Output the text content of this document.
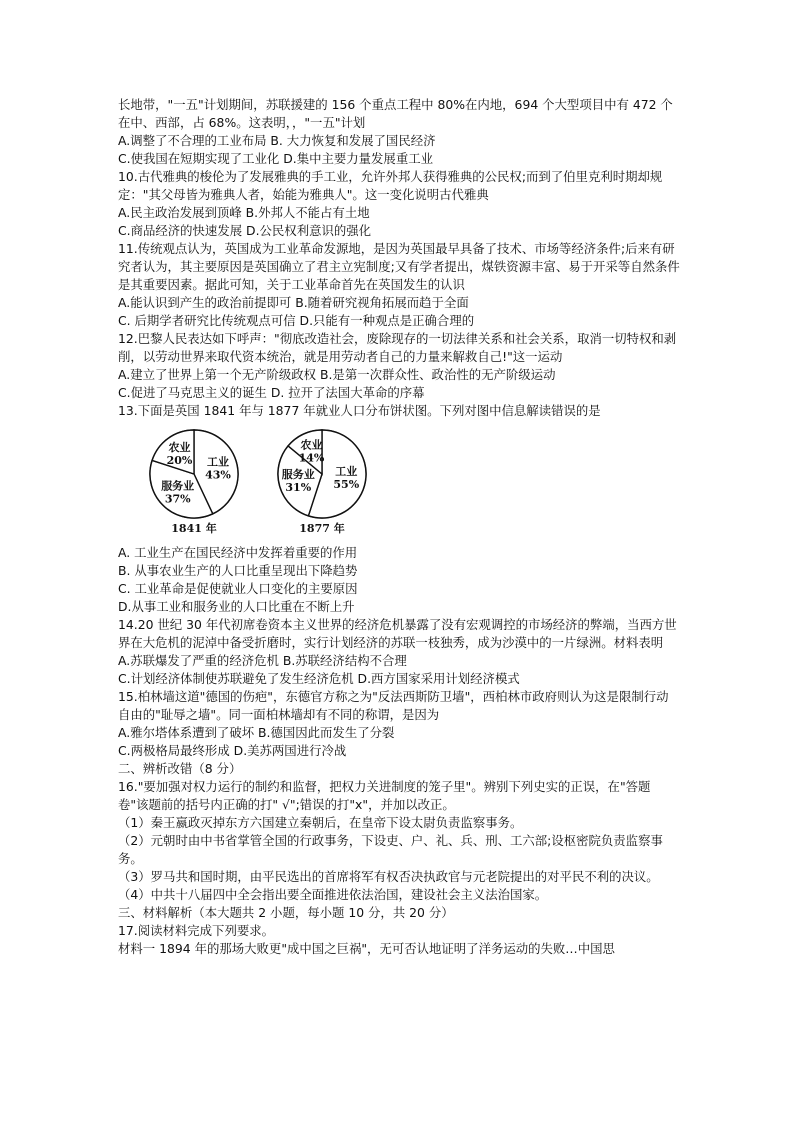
长地带，"一五"计划期间，苏联援建的 156 个重点工程中 80%在内地，694 个大型项目中有 472 个在中、西部，占 68%。这表明，，"一五"计划

A.调整了不合理的工业布局 B. 大力恢复和发展了国民经济

C.使我国在短期实现了工业化 D.集中主要力量发展重工业

10.古代雅典的梭伦为了发展雅典的手工业，允许外邦人获得雅典的公民权;而到了伯里克利时期却规定："其父母皆为雅典人者，始能为雅典人"。这一变化说明古代雅典

A.民主政治发展到顶峰 B.外邦人不能占有土地

C.商品经济的快速发展 D.公民权利意识的强化

11.传统观点认为，英国成为工业革命发源地，是因为英国最早具备了技术、市场等经济条件;后来有研究者认为，其主要原因是英国确立了君主立宪制度;又有学者提出，煤铁资源丰富、易于开采等自然条件是其重要因素。据此可知，关于工业革命首先在英国发生的认识

A.能认识到产生的政治前提即可 B.随着研究视角拓展而趋于全面

C. 后期学者研究比传统观点可信 D.只能有一种观点是正确合理的

12.巴黎人民表达如下呼声："彻底改造社会，废除现存的一切法律关系和社会关系，取消一切特权和剥削，以劳动世界来取代资本统治，就是用劳动者自己的力量来解救自己!"这一运动

A.建立了世界上第一个无产阶级政权 B.是第一次群众性、政治性的无产阶级运动

C.促进了马克思主义的诞生 D. 拉开了法国大革命的序幕

13.下面是英国 1841 年与 1877 年就业人口分布饼状图。下列对图中信息解读错误的是

工业
43%
服务业
37%
农业
20%
1841 年
工业
55%
服务业
31%
农业
14%
1877 年

A. 工业生产在国民经济中发挥着重要的作用

B. 从事农业生产的人口比重呈现出下降趋势

C. 工业革命是促使就业人口变化的主要原因

D.从事工业和服务业的人口比重在不断上升

14.20 世纪 30 年代初席卷资本主义世界的经济危机暴露了没有宏观调控的市场经济的弊端，当西方世界在大危机的泥淖中备受折磨时，实行计划经济的苏联一枝独秀，成为沙漠中的一片绿洲。材料表明

A.苏联爆发了严重的经济危机 B.苏联经济结构不合理

C.计划经济体制使苏联避免了发生经济危机 D.西方国家采用计划经济模式

15.柏林墙这道"德国的伤疤"，东德官方称之为"反法西斯防卫墙"，西柏林市政府则认为这是限制行动自由的"耻辱之墙"。同一面柏林墙却有不同的称谓，是因为

A.雅尔塔体系遭到了破坏 B.德国因此而发生了分裂

C.两极格局最终形成 D.美苏两国进行冷战

二、辨析改错（8 分）

16."要加强对权力运行的制约和监督，把权力关进制度的笼子里"。辨别下列史实的正误，在"答题卷"该题前的括号内正确的打" √";错误的打"x"，并加以改正。

（1）秦王嬴政灭掉东方六国建立秦朝后，在皇帝下设太尉负责监察事务。

（2）元朝时由中书省掌管全国的行政事务，下设吏、户、礼、兵、刑、工六部;设枢密院负责监察事务。

（3）罗马共和国时期，由平民选出的首席将军有权否决执政官与元老院提出的对平民不利的决议。

（4）中共十八届四中全会指出要全面推进依法治国，建设社会主义法治国家。

三、材料解析（本大题共 2 小题，每小题 10 分，共 20 分）

17.阅读材料完成下列要求。

材料一 1894 年的那场大败更"成中国之巨祸"，无可否认地证明了洋务运动的失败…中国思
